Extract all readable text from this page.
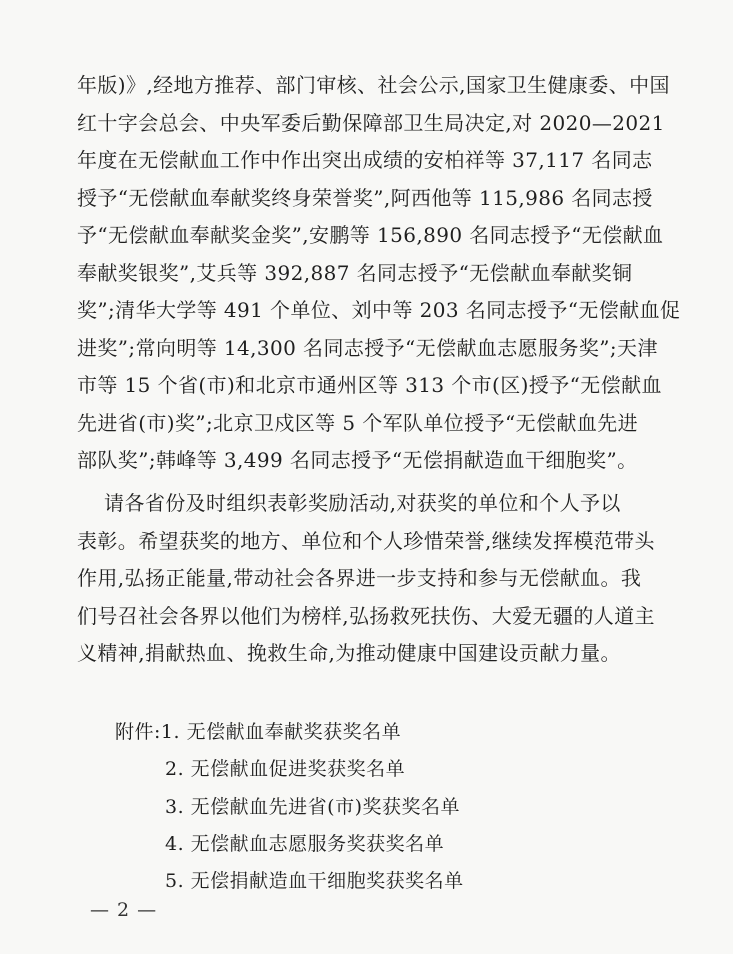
年版)》,经地方推荐、部门审核、社会公示,国家卫生健康委、中国
红十字会总会、中央军委后勤保障部卫生局决定,对 2020—2021
年度在无偿献血工作中作出突出成绩的安柏祥等 37,117 名同志
授予“无偿献血奉献奖终身荣誉奖”,阿西他等 115,986 名同志授
予“无偿献血奉献奖金奖”,安鹏等 156,890 名同志授予“无偿献血
奉献奖银奖”,艾兵等 392,887 名同志授予“无偿献血奉献奖铜
奖”;清华大学等 491 个单位、刘中等 203 名同志授予“无偿献血促
进奖”;常向明等 14,300 名同志授予“无偿献血志愿服务奖”;天津
市等 15 个省(市)和北京市通州区等 313 个市(区)授予“无偿献血
先进省(市)奖”;北京卫戍区等 5 个军队单位授予“无偿献血先进
部队奖”;韩峰等 3,499 名同志授予“无偿捐献造血干细胞奖”。
请各省份及时组织表彰奖励活动,对获奖的单位和个人予以
表彰。希望获奖的地方、单位和个人珍惜荣誉,继续发挥模范带头
作用,弘扬正能量,带动社会各界进一步支持和参与无偿献血。我
们号召社会各界以他们为榜样,弘扬救死扶伤、大爱无疆的人道主
义精神,捐献热血、挽救生命,为推动健康中国建设贡献力量。
附件:1. 无偿献血奉献奖获奖名单
2. 无偿献血促进奖获奖名单
3. 无偿献血先进省(市)奖获奖名单
4. 无偿献血志愿服务奖获奖名单
5. 无偿捐献造血干细胞奖获奖名单
— 2 —
